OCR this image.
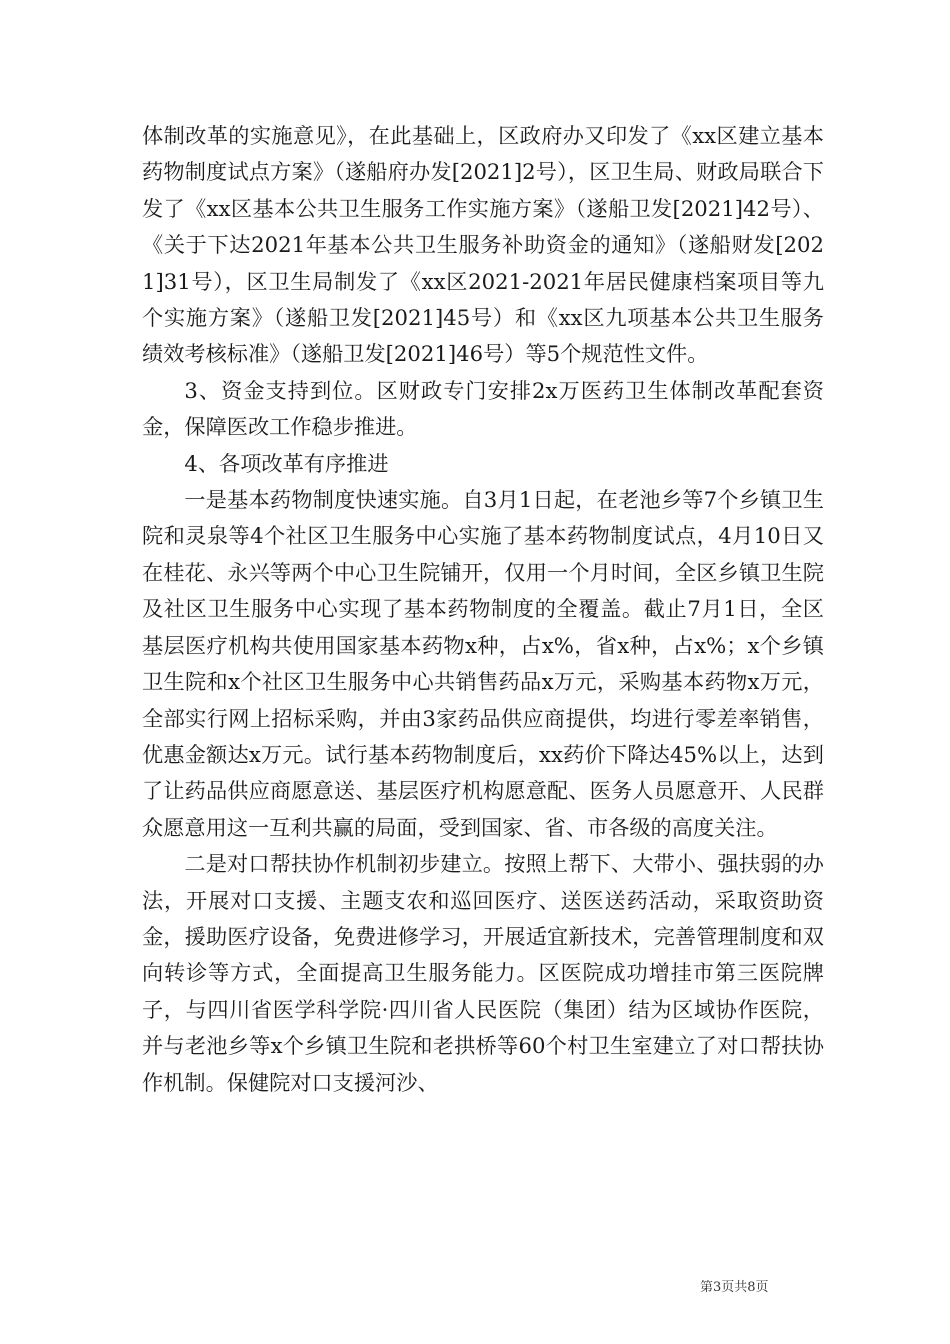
体制改革的实施意见》，在此基础上，区政府办又印发了《xx区建立基本药物制度试点方案》（遂船府办发[2021]2号），区卫生局、财政局联合下发了《xx区基本公共卫生服务工作实施方案》（遂船卫发[2021]42号）、《关于下达2021年基本公共卫生服务补助资金的通知》（遂船财发[2021]31号），区卫生局制发了《xx区2021-2021年居民健康档案项目等九个实施方案》（遂船卫发[2021]45号）和《xx区九项基本公共卫生服务绩效考核标准》（遂船卫发[2021]46号）等5个规范性文件。

3、资金支持到位。区财政专门安排2x万医药卫生体制改革配套资金，保障医改工作稳步推进。

4、各项改革有序推进

一是基本药物制度快速实施。自3月1日起，在老池乡等7个乡镇卫生院和灵泉等4个社区卫生服务中心实施了基本药物制度试点，4月10日又在桂花、永兴等两个中心卫生院铺开，仅用一个月时间，全区乡镇卫生院及社区卫生服务中心实现了基本药物制度的全覆盖。截止7月1日，全区基层医疗机构共使用国家基本药物x种，占x%，省x种，占x%；x个乡镇卫生院和x个社区卫生服务中心共销售药品x万元，采购基本药物x万元，全部实行网上招标采购，并由3家药品供应商提供，均进行零差率销售，优惠金额达x万元。试行基本药物制度后，xx药价下降达45%以上，达到了让药品供应商愿意送、基层医疗机构愿意配、医务人员愿意开、人民群众愿意用这一互利共赢的局面，受到国家、省、市各级的高度关注。

二是对口帮扶协作机制初步建立。按照上帮下、大带小、强扶弱的办法，开展对口支援、主题支农和巡回医疗、送医送药活动，采取资助资金，援助医疗设备，免费进修学习，开展适宜新技术，完善管理制度和双向转诊等方式，全面提高卫生服务能力。区医院成功增挂市第三医院牌子，与四川省医学科学院·四川省人民医院（集团）结为区域协作医院，并与老池乡等x个乡镇卫生院和老拱桥等60个村卫生室建立了对口帮扶协作机制。保健院对口支援河沙、

第3页共8页
